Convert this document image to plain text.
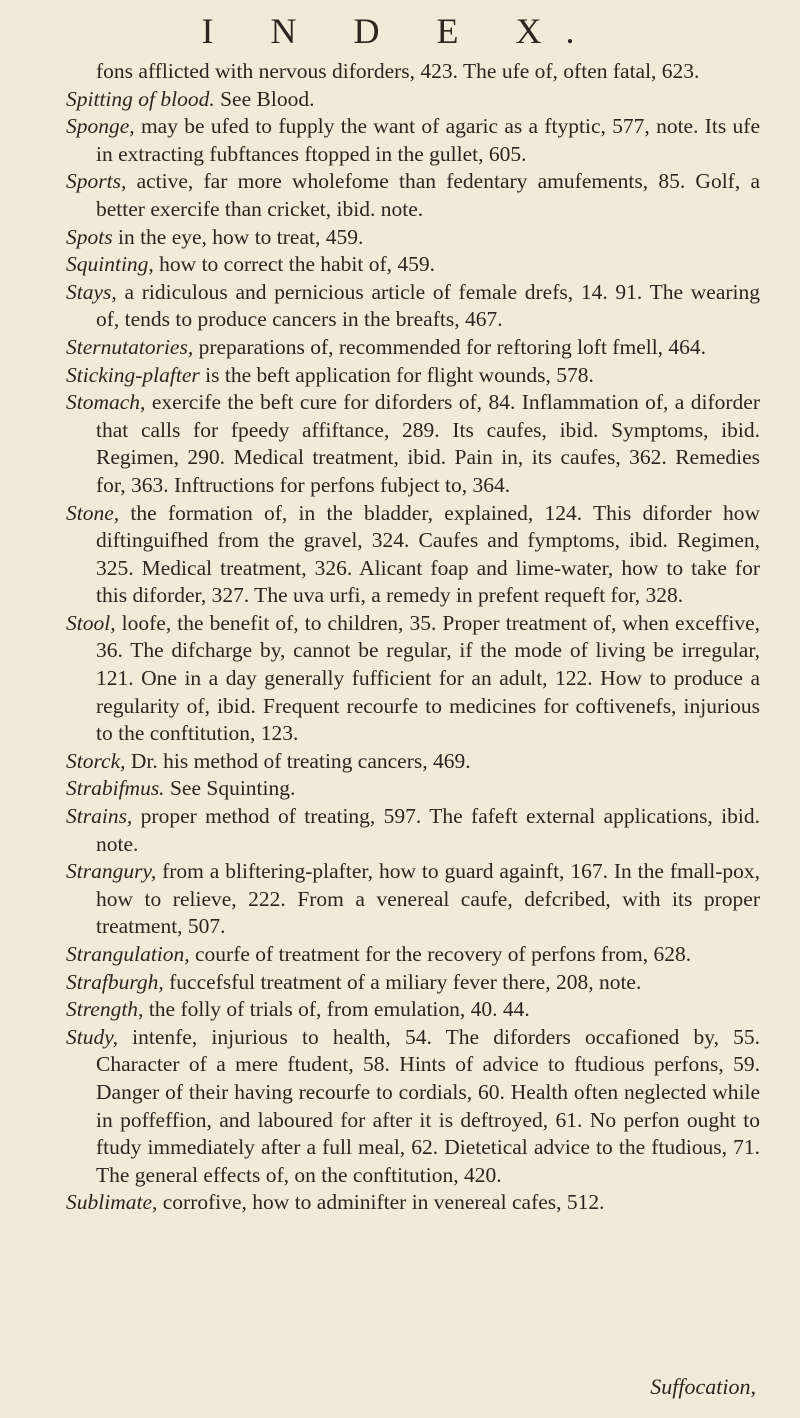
I N D E X.

fons afflicted with nervous diforders, 423. The ufe of, often fatal, 623.

Spitting of blood. See Blood.

Sponge, may be ufed to fupply the want of agaric as a ftyptic, 577, note. Its ufe in extracting fubftances ftopped in the gullet, 605.

Sports, active, far more wholefome than fedentary amufements, 85. Golf, a better exercife than cricket, ibid. note.

Spots in the eye, how to treat, 459.

Squinting, how to correct the habit of, 459.

Stays, a ridiculous and pernicious article of female drefs, 14. 91. The wearing of, tends to produce cancers in the breafts, 467.

Sternutatories, preparations of, recommended for reftoring loft fmell, 464.

Sticking-plafter is the beft application for flight wounds, 578.

Stomach, exercife the beft cure for diforders of, 84. Inflammation of, a diforder that calls for fpeedy affiftance, 289. Its caufes, ibid. Symptoms, ibid. Regimen, 290. Medical treatment, ibid. Pain in, its caufes, 362. Remedies for, 363. Inftructions for perfons fubject to, 364.

Stone, the formation of, in the bladder, explained, 124. This diforder how diftinguifhed from the gravel, 324. Caufes and fymptoms, ibid. Regimen, 325. Medical treatment, 326. Alicant foap and lime-water, how to take for this diforder, 327. The uva urfi, a remedy in prefent requeft for, 328.

Stool, loofe, the benefit of, to children, 35. Proper treatment of, when exceffive, 36. The difcharge by, cannot be regular, if the mode of living be irregular, 121. One in a day generally fufficient for an adult, 122. How to produce a regularity of, ibid. Frequent recourfe to medicines for coftivenefs, injurious to the conftitution, 123.

Storck, Dr. his method of treating cancers, 469.

Strabifmus. See Squinting.

Strains, proper method of treating, 597. The fafeft external applications, ibid. note.

Strangury, from a bliftering-plafter, how to guard againft, 167. In the fmall-pox, how to relieve, 222. From a venereal caufe, defcribed, with its proper treatment, 507.

Strangulation, courfe of treatment for the recovery of perfons from, 628.

Strafburgh, fuccefsful treatment of a miliary fever there, 208, note.

Strength, the folly of trials of, from emulation, 40. 44.

Study, intenfe, injurious to health, 54. The diforders occafioned by, 55. Character of a mere ftudent, 58. Hints of advice to ftudious perfons, 59. Danger of their having recourfe to cordials, 60. Health often neglected while in poffeffion, and laboured for after it is deftroyed, 61. No perfon ought to ftudy immediately after a full meal, 62. Dietetical advice to the ftudious, 71. The general effects of, on the conftitution, 420.

Sublimate, corrofive, how to adminifter in venereal cafes, 512.

Suffocation,
